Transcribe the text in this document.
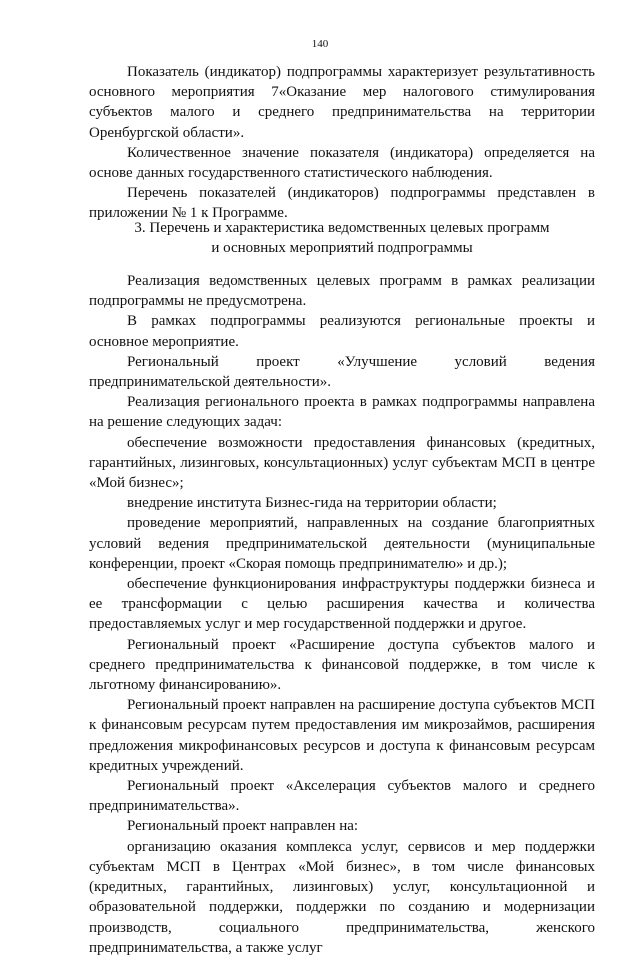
140

Показатель (индикатор) подпрограммы характеризует результативность основного мероприятия 7«Оказание мер налогового стимулирования субъектов малого и среднего предпринимательства на территории Оренбургской области».

Количественное значение показателя (индикатора) определяется на основе данных государственного статистического наблюдения.

Перечень показателей (индикаторов) подпрограммы представлен в приложении № 1 к Программе.

3. Перечень и характеристика ведомственных целевых программ
и основных мероприятий подпрограммы

Реализация ведомственных целевых программ в рамках реализации подпрограммы не предусмотрена.

В рамках подпрограммы реализуются региональные проекты и основное мероприятие.

Региональный проект «Улучшение условий ведения предпринимательской деятельности».

Реализация регионального проекта в рамках подпрограммы направлена на решение следующих задач:

обеспечение возможности предоставления финансовых (кредитных, гарантийных, лизинговых, консультационных) услуг субъектам МСП в центре «Мой бизнес»;

внедрение института Бизнес-гида на территории области;

проведение мероприятий, направленных на создание благоприятных условий ведения предпринимательской деятельности (муниципальные конференции, проект «Скорая помощь предпринимателю» и др.);

обеспечение функционирования инфраструктуры поддержки бизнеса и ее трансформации с целью расширения качества и количества предоставляемых услуг и мер государственной поддержки и другое.

Региональный проект «Расширение доступа субъектов малого и среднего предпринимательства к финансовой поддержке, в том числе к льготному финансированию».

Региональный проект направлен на расширение доступа субъектов МСП к финансовым ресурсам путем предоставления им микрозаймов, расширения предложения микрофинансовых ресурсов и доступа к финансовым ресурсам кредитных учреждений.

Региональный проект «Акселерация субъектов малого и среднего предпринимательства».

Региональный проект направлен на:

организацию оказания комплекса услуг, сервисов и мер поддержки субъектам МСП в Центрах «Мой бизнес», в том числе финансовых (кредитных, гарантийных, лизинговых) услуг, консультационной и образовательной поддержки, поддержки по созданию и модернизации производств, социального предпринимательства, женского предпринимательства, а также услуг
